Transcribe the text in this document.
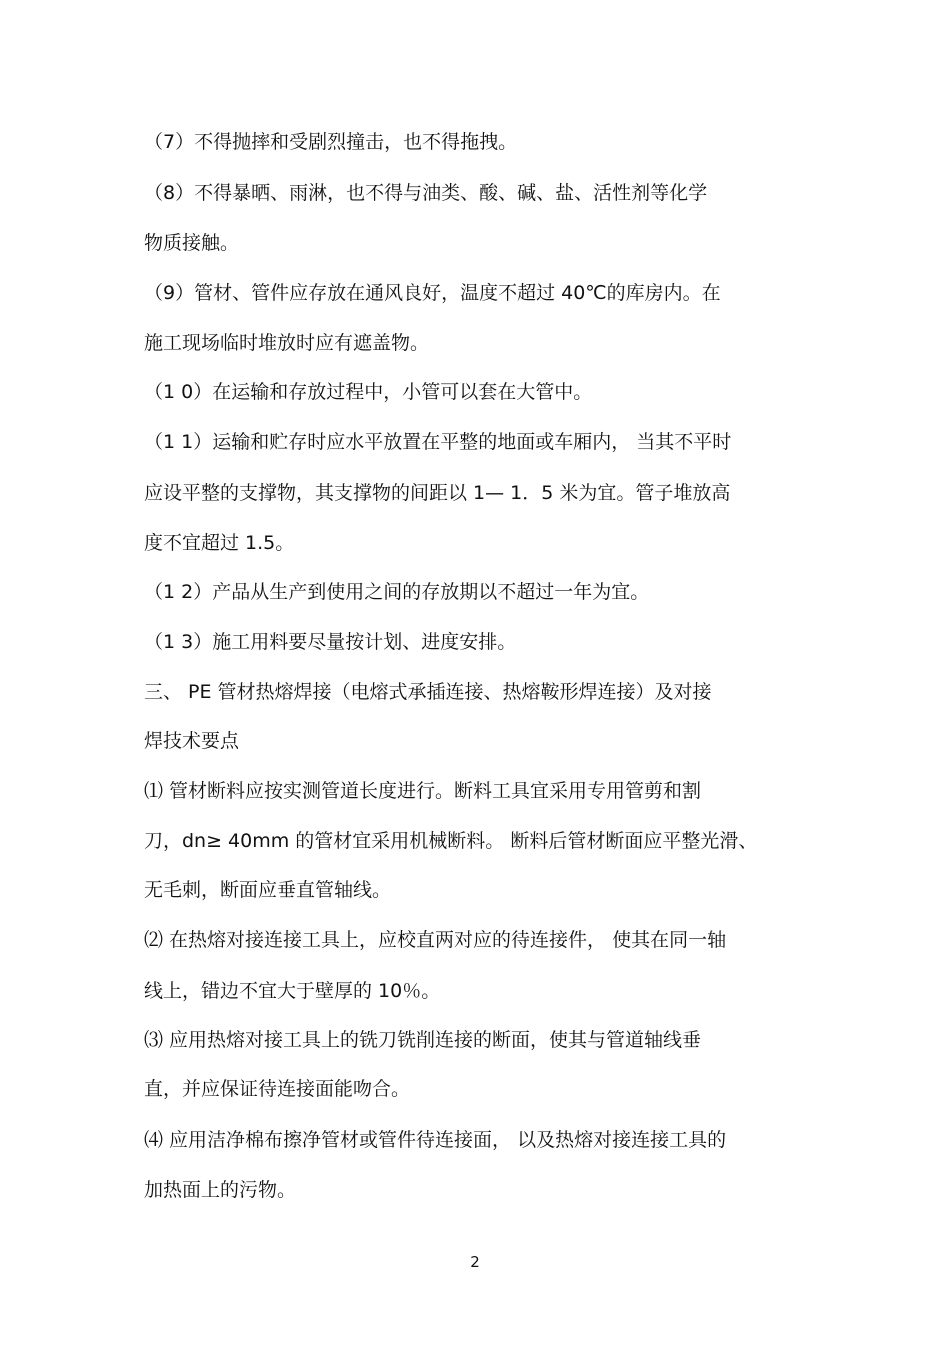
（7）不得抛摔和受剧烈撞击，也不得拖拽。
（8）不得暴晒、雨淋，也不得与油类、酸、碱、盐、活性剂等化学
物质接触。
（9）管材、管件应存放在通风良好，温度不超过 40℃的库房内。在
施工现场临时堆放时应有遮盖物。
（1 0）在运输和存放过程中，小管可以套在大管中。
（1 1）运输和贮存时应水平放置在平整的地面或车厢内， 当其不平时
应设平整的支撑物，其支撑物的间距以 1— 1．5 米为宜。管子堆放高
度不宜超过 1.5。
（1 2）产品从生产到使用之间的存放期以不超过一年为宜。
（1 3）施工用料要尽量按计划、进度安排。
三、 PE 管材热熔焊接（电熔式承插连接、热熔鞍形焊连接）及对接
焊技术要点
⑴ 管材断料应按实测管道长度进行。断料工具宜采用专用管剪和割
刀，dn≥ 40mm 的管材宜采用机械断料。 断料后管材断面应平整光滑、
无毛刺，断面应垂直管轴线。
⑵ 在热熔对接连接工具上，应校直两对应的待连接件， 使其在同一轴
线上，错边不宜大于壁厚的 10％。
⑶ 应用热熔对接工具上的铣刀铣削连接的断面，使其与管道轴线垂
直，并应保证待连接面能吻合。
⑷ 应用洁净棉布擦净管材或管件待连接面， 以及热熔对接连接工具的
加热面上的污物。
2
